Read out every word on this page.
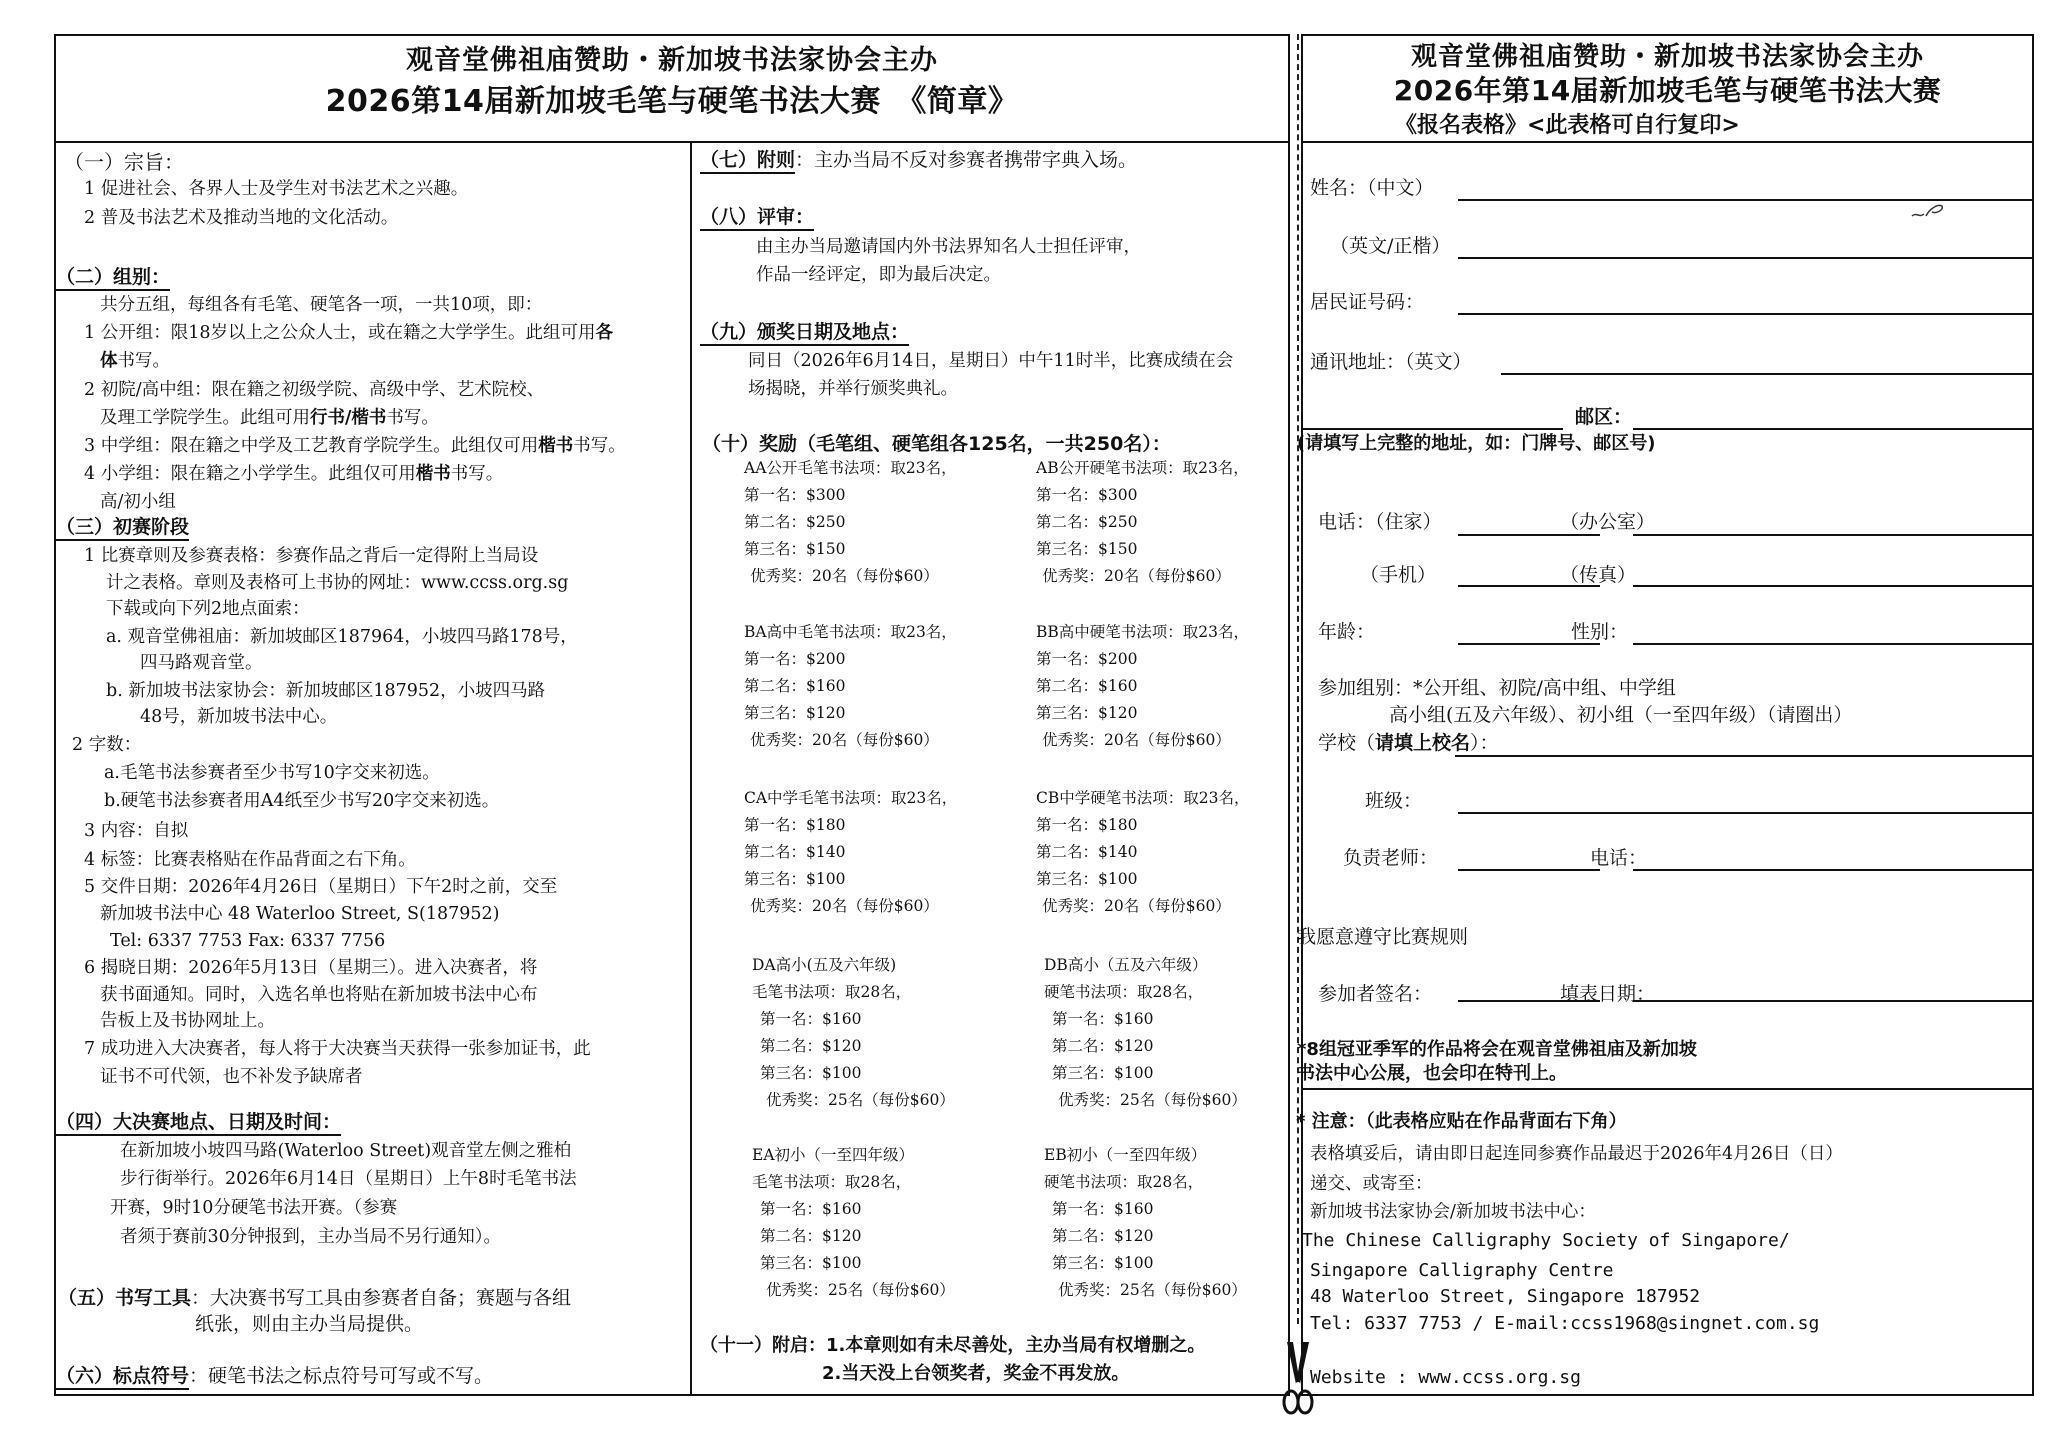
观音堂佛祖庙赞助・新加坡书法家协会主办
2026第14届新加坡毛笔与硬笔书法大赛　《简章》
（一）宗旨：
1 促进社会、各界人士及学生对书法艺术之兴趣。
2 普及书法艺术及推动当地的文化活动。
（二）组别：
共分五组，每组各有毛笔、硬笔各一项，一共10项，即：
1 公开组：限18岁以上之公众人士，或在籍之大学学生。此组可用各
体书写。
2 初院/高中组：限在籍之初级学院、高级中学、艺术院校、
及理工学院学生。此组可用行书/楷书书写。
3 中学组：限在籍之中学及工艺教育学院学生。此组仅可用楷书书写。
4 小学组：限在籍之小学学生。此组仅可用楷书书写。
高/初小组
（三）初赛阶段
1 比赛章则及参赛表格：参赛作品之背后一定得附上当局设
计之表格。章则及表格可上书协的网址：www.ccss.org.sg
下载或向下列2地点面索：
a. 观音堂佛祖庙：新加坡邮区187964，小坡四马路178号，
四马路观音堂。
b. 新加坡书法家协会：新加坡邮区187952，小坡四马路
48号，新加坡书法中心。
2 字数：
a.毛笔书法参赛者至少书写10字交来初选。
b.硬笔书法参赛者用A4纸至少书写20字交来初选。
3 内容：自拟
4 标签：比赛表格贴在作品背面之右下角。
5 交件日期：2026年4月26日（星期日）下午2时之前，交至
新加坡书法中心 48 Waterloo Street, S(187952)
Tel: 6337 7753 Fax: 6337 7756
6 揭晓日期：2026年5月13日（星期三）。进入决赛者，将
获书面通知。同时，入选名单也将贴在新加坡书法中心布
告板上及书协网址上。
7 成功进入大决赛者，每人将于大决赛当天获得一张参加证书，此
证书不可代领，也不补发予缺席者
（四）大决赛地点、日期及时间：
在新加坡小坡四马路(Waterloo Street)观音堂左侧之雅柏
步行街举行。2026年6月14日（星期日）上午8时毛笔书法
开赛，9时10分硬笔书法开赛。（参赛
者须于赛前30分钟报到，主办当局不另行通知）。
（五）书写工具：大决赛书写工具由参赛者自备；赛题与各组
纸张，则由主办当局提供。
（六）标点符号：硬笔书法之标点符号可写或不写。
（七）附则：主办当局不反对参赛者携带字典入场。
（八）评审：
由主办当局邀请国内外书法界知名人士担任评审，
作品一经评定，即为最后决定。
（九）颁奖日期及地点：
同日（2026年6月14日，星期日）中午11时半，比赛成绩在会
场揭晓，并举行颁奖典礼。
（十）奖励（毛笔组、硬笔组各125名，一共250名）：
AA公开毛笔书法项：取23名，
第一名：$300
第二名：$250
第三名：$150
优秀奖：20名（每份$60）
AB公开硬笔书法项：取23名，
第一名：$300
第二名：$250
第三名：$150
优秀奖：20名（每份$60）
BA高中毛笔书法项：取23名，
第一名：$200
第二名：$160
第三名：$120
优秀奖：20名（每份$60）
BB高中硬笔书法项：取23名，
第一名：$200
第二名：$160
第三名：$120
优秀奖：20名（每份$60）
CA中学毛笔书法项：取23名，
第一名：$180
第二名：$140
第三名：$100
优秀奖：20名（每份$60）
CB中学硬笔书法项：取23名，
第一名：$180
第二名：$140
第三名：$100
优秀奖：20名（每份$60）
DA高小(五及六年级)
毛笔书法项：取28名，
第一名：$160
第二名：$120
第三名：$100
优秀奖：25名（每份$60）
DB高小（五及六年级）
硬笔书法项：取28名，
第一名：$160
第二名：$120
第三名：$100
优秀奖：25名（每份$60）
EA初小（一至四年级）
毛笔书法项：取28名，
第一名：$160
第二名：$120
第三名：$100
优秀奖：25名（每份$60）
EB初小（一至四年级）
硬笔书法项：取28名，
第一名：$160
第二名：$120
第三名：$100
优秀奖：25名（每份$60）
（十一）附启：1.本章则如有未尽善处，主办当局有权增删之。
2.当天没上台领奖者，奖金不再发放。
观音堂佛祖庙赞助・新加坡书法家协会主办
2026年第14届新加坡毛笔与硬笔书法大赛
《报名表格》<此表格可自行复印>
姓名：（中文）
（英文/正楷）
居民证号码：
通讯地址：（英文）
邮区：
(请填写上完整的地址，如：门牌号、邮区号)
电话：（住家）	（办公室）
（手机）	（传真）
年龄：	性别：
参加组别：*公开组、初院/高中组、中学组
高小组(五及六年级）、初小组（一至四年级）（请圈出）
学校（请填上校名）：
班级：
负责老师：	电话：
我愿意遵守比赛规则
参加者签名：	填表日期：
*8组冠亚季军的作品将会在观音堂佛祖庙及新加坡
书法中心公展，也会印在特刊上。
* 注意：（此表格应贴在作品背面右下角）
表格填妥后，请由即日起连同参赛作品最迟于2026年4月26日（日）
递交、或寄至：
新加坡书法家协会/新加坡书法中心：
The Chinese Calligraphy Society of Singapore/
Singapore Calligraphy Centre
48 Waterloo Street, Singapore 187952
Tel: 6337 7753 / E-mail:ccss1968@singnet.com.sg
Website : www.ccss.org.sg
